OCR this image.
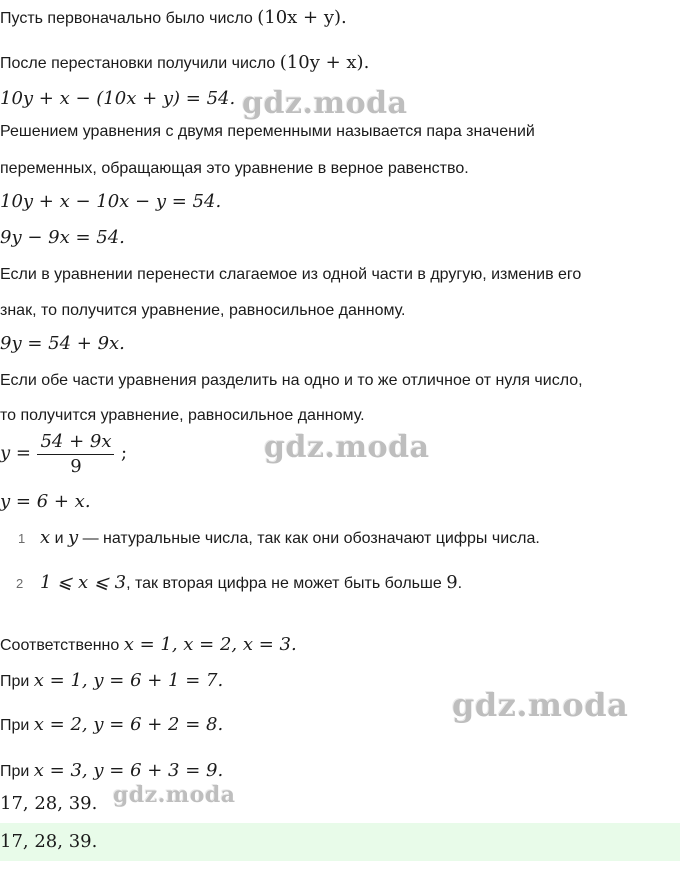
Пусть первоначально было число (10x + y).
После перестановки получили число (10y + x).
10y + x − (10x + y) = 54.
Решением уравнения с двумя переменными называется пара значений
переменных, обращающая это уравнение в верное равенство.
10y + x − 10x − y = 54.
9y − 9x = 54.
Если в уравнении перенести слагаемое из одной части в другую, изменив его
знак, то получится уравнение, равносильное данному.
9y = 54 + 9x.
Если обе части уравнения разделить на одно и то же отличное от нуля число,
то получится уравнение, равносильное данному.
$y = \frac{54 + 9x}{9}$ ;
y = 6 + x.
1 x и y — натуральные числа, так как они обозначают цифры числа.
2 1 ⩽ x ⩽ 3, так вторая цифра не может быть больше 9.
Соответственно x = 1, x = 2, x = 3.
При x = 1, y = 6 + 1 = 7.
При x = 2, y = 6 + 2 = 8.
При x = 3, y = 6 + 3 = 9.
17, 28, 39.
17, 28, 39.
gdz.moda
gdz.moda
gdz.moda
gdz.moda
